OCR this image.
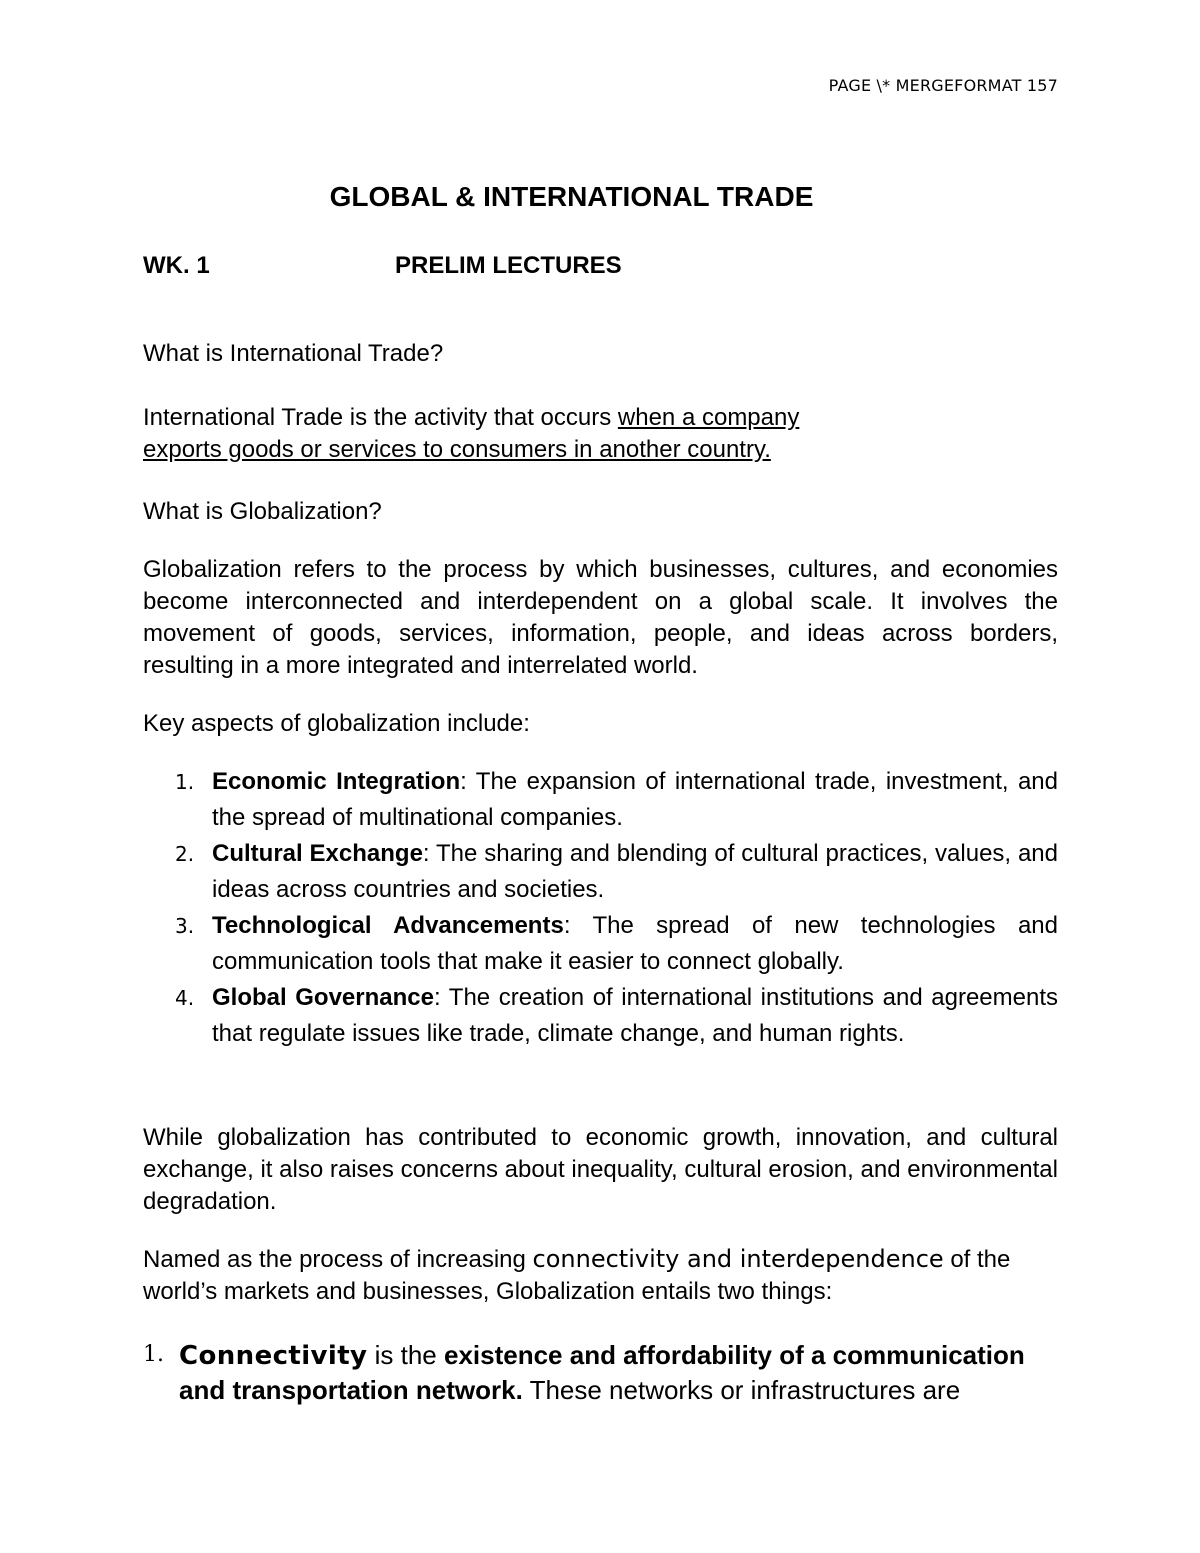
PAGE \* MERGEFORMAT 157
GLOBAL & INTERNATIONAL TRADE
WK. 1	PRELIM LECTURES
What is International Trade?
International Trade is the activity that occurs when a company
exports goods or services to consumers in another country.
What is Globalization?
Globalization refers to the process by which businesses, cultures, and economies become interconnected and interdependent on a global scale. It involves the movement of goods, services, information, people, and ideas across borders, resulting in a more integrated and interrelated world.
Key aspects of globalization include:
1. Economic Integration: The expansion of international trade, investment, and the spread of multinational companies.
2. Cultural Exchange: The sharing and blending of cultural practices, values, and ideas across countries and societies.
3. Technological Advancements: The spread of new technologies and communication tools that make it easier to connect globally.
4. Global Governance: The creation of international institutions and agreements that regulate issues like trade, climate change, and human rights.
While globalization has contributed to economic growth, innovation, and cultural exchange, it also raises concerns about inequality, cultural erosion, and environmental degradation.
Named as the process of increasing connectivity and interdependence of the world’s markets and businesses, Globalization entails two things:
1. Connectivity is the existence and affordability of a communication and transportation network. These networks or infrastructures are
